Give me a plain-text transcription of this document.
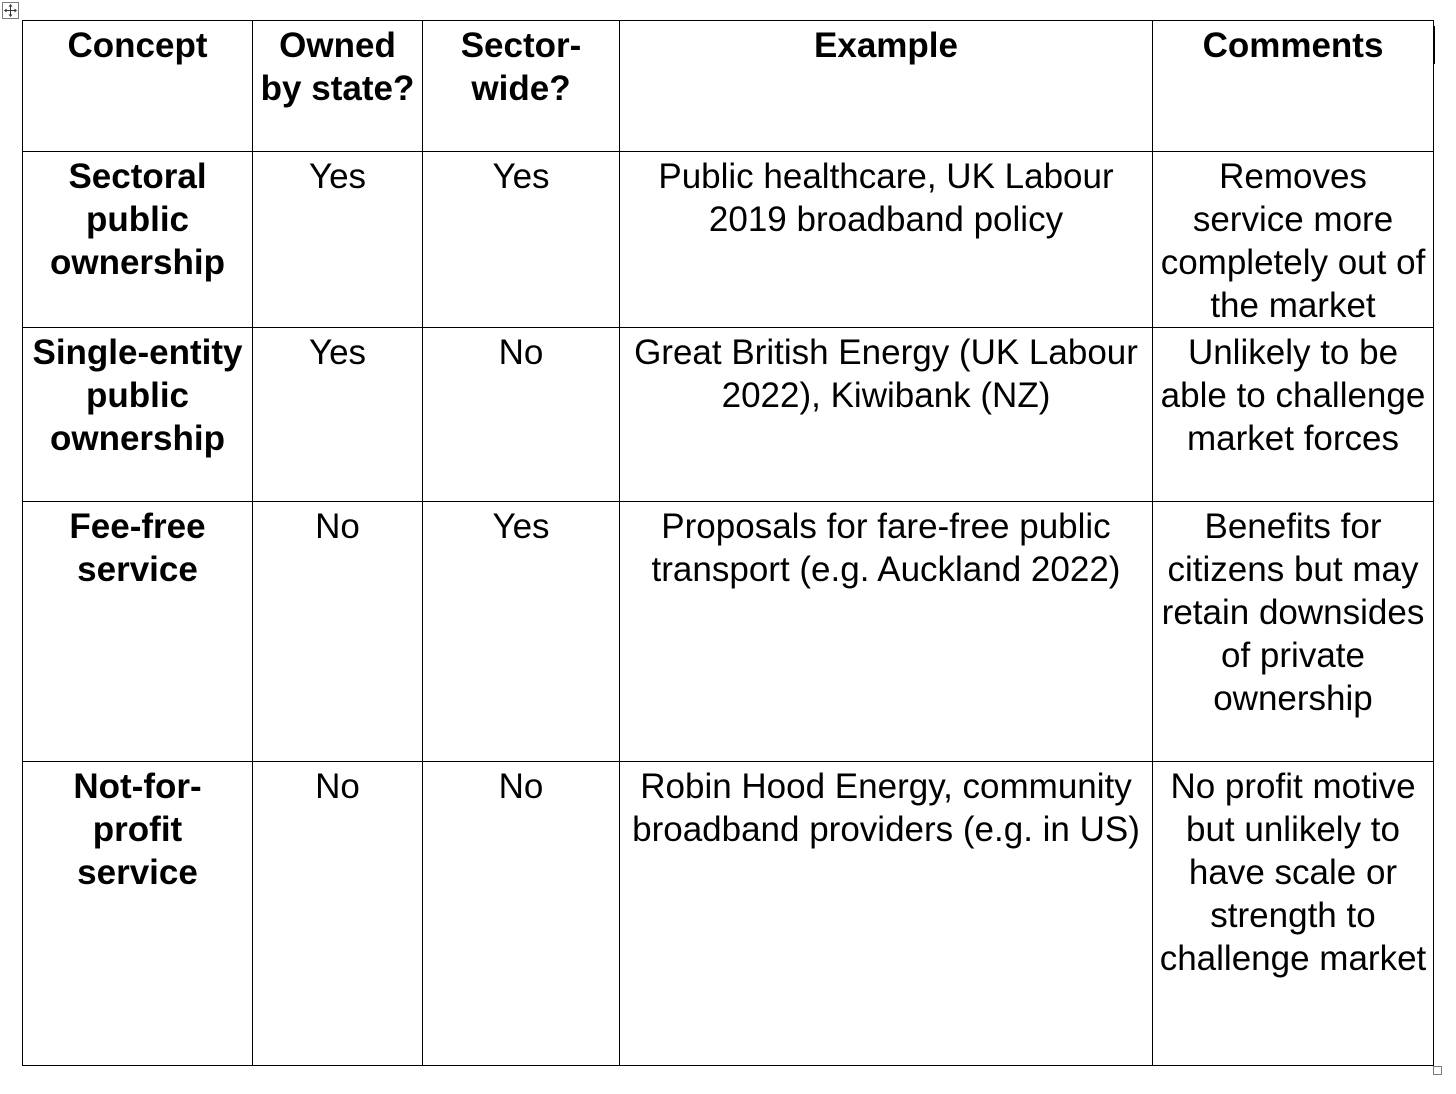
Concept	Owned by state?	Sector-wide?	Example	Comments
Sectoral public ownership	Yes	Yes	Public healthcare, UK Labour 2019 broadband policy	Removes service more completely out of the market
Single-entity public ownership	Yes	No	Great British Energy (UK Labour 2022), Kiwibank (NZ)	Unlikely to be able to challenge market forces
Fee-free service	No	Yes	Proposals for fare-free public transport (e.g. Auckland 2022)	Benefits for citizens but may retain downsides of private ownership
Not-for-profit service	No	No	Robin Hood Energy, community broadband providers (e.g. in US)	No profit motive but unlikely to have scale or strength to challenge market
